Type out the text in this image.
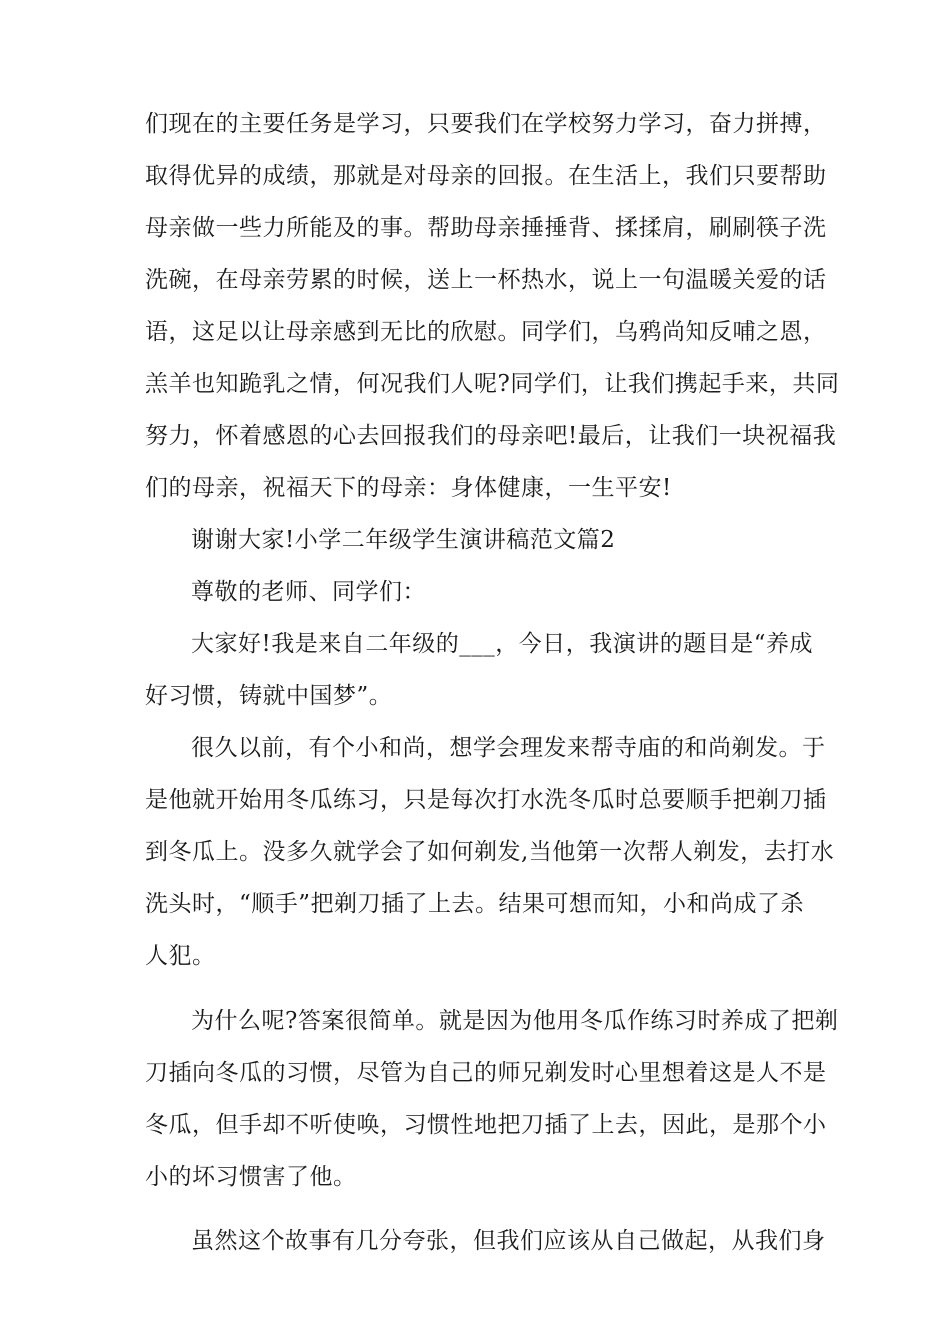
们现在的主要任务是学习，只要我们在学校努力学习，奋力拼搏，
取得优异的成绩，那就是对母亲的回报。在生活上，我们只要帮助
母亲做一些力所能及的事。帮助母亲捶捶背、揉揉肩，刷刷筷子洗
洗碗，在母亲劳累的时候，送上一杯热水，说上一句温暖关爱的话
语，这足以让母亲感到无比的欣慰。同学们，乌鸦尚知反哺之恩，
羔羊也知跪乳之情，何况我们人呢?同学们，让我们携起手来，共同
努力，怀着感恩的心去回报我们的母亲吧!最后，让我们一块祝福我
们的母亲，祝福天下的母亲：身体健康，一生平安!
谢谢大家!小学二年级学生演讲稿范文篇2
尊敬的老师、同学们：
大家好!我是来自二年级的___，今日，我演讲的题目是“养成
好习惯，铸就中国梦”。
很久以前，有个小和尚，想学会理发来帮寺庙的和尚剃发。于
是他就开始用冬瓜练习，只是每次打水洗冬瓜时总要顺手把剃刀插
到冬瓜上。没多久就学会了如何剃发,当他第一次帮人剃发，去打水
洗头时，“顺手”把剃刀插了上去。结果可想而知，小和尚成了杀
人犯。
为什么呢?答案很简单。就是因为他用冬瓜作练习时养成了把剃
刀插向冬瓜的习惯，尽管为自己的师兄剃发时心里想着这是人不是
冬瓜，但手却不听使唤，习惯性地把刀插了上去，因此，是那个小
小的坏习惯害了他。
虽然这个故事有几分夸张，但我们应该从自己做起，从我们身
